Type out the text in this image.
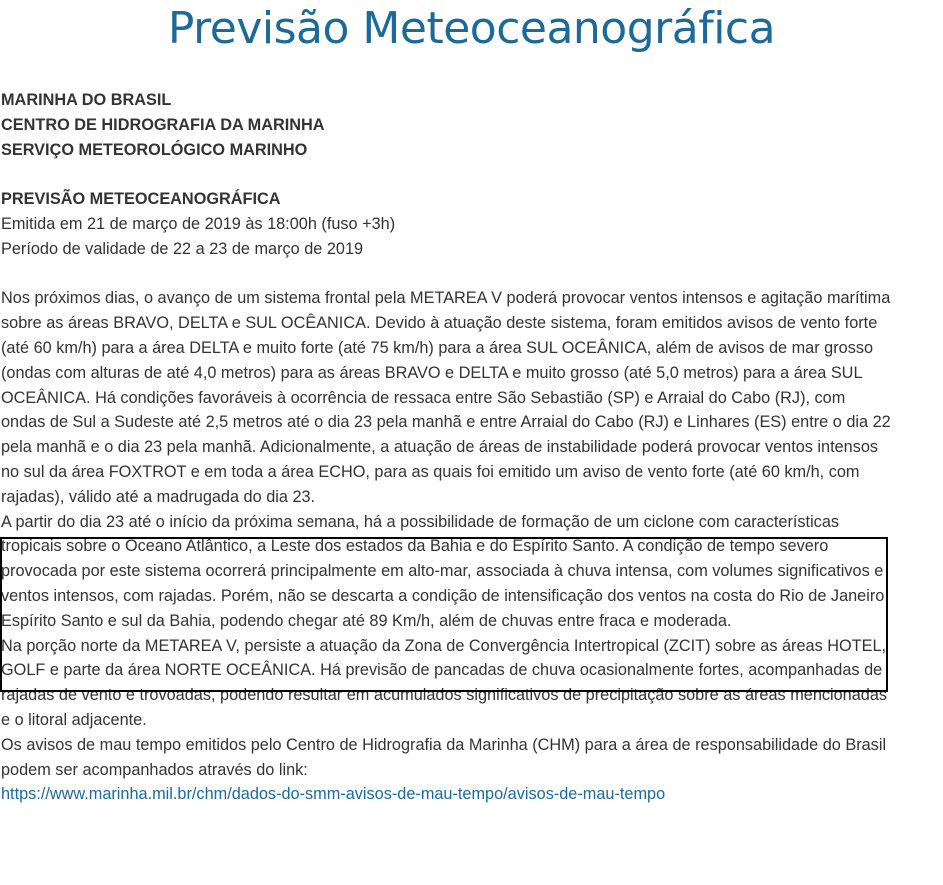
Previsão Meteoceanográfica

MARINHA DO BRASIL

CENTRO DE HIDROGRAFIA DA MARINHA

SERVIÇO METEOROLÓGICO MARINHO

PREVISÃO METEOCEANOGRÁFICA

Emitida em 21 de março de 2019 às 18:00h (fuso +3h)

Período de validade de 22 a 23 de março de 2019

Nos próximos dias, o avanço de um sistema frontal pela METAREA V poderá provocar ventos intensos e agitação marítima sobre as áreas BRAVO, DELTA e SUL OCÊANICA. Devido à atuação deste sistema, foram emitidos avisos de vento forte (até 60 km/h) para a área DELTA e muito forte (até 75 km/h) para a área SUL OCEÂNICA, além de avisos de mar grosso (ondas com alturas de até 4,0 metros) para as áreas BRAVO e DELTA e muito grosso (até 5,0 metros) para a área SUL OCEÂNICA. Há condições favoráveis à ocorrência de ressaca entre São Sebastião (SP) e Arraial do Cabo (RJ), com ondas de Sul a Sudeste até 2,5 metros até o dia 23 pela manhã e entre Arraial do Cabo (RJ) e Linhares (ES) entre o dia 22 pela manhã e o dia 23 pela manhã. Adicionalmente, a atuação de áreas de instabilidade poderá provocar ventos intensos no sul da área FOXTROT e em toda a área ECHO, para as quais foi emitido um aviso de vento forte (até 60 km/h, com rajadas), válido até a madrugada do dia 23.

A partir do dia 23 até o início da próxima semana, há a possibilidade de formação de um ciclone com características tropicais sobre o Oceano Atlântico, a Leste dos estados da Bahia e do Espírito Santo. A condição de tempo severo provocada por este sistema ocorrerá principalmente em alto-mar, associada à chuva intensa, com volumes significativos e ventos intensos, com rajadas. Porém, não se descarta a condição de intensificação dos ventos na costa do Rio de Janeiro, Espírito Santo e sul da Bahia, podendo chegar até 89 Km/h, além de chuvas entre fraca e moderada.

Na porção norte da METAREA V, persiste a atuação da Zona de Convergência Intertropical (ZCIT) sobre as áreas HOTEL, GOLF e parte da área NORTE OCEÂNICA. Há previsão de pancadas de chuva ocasionalmente fortes, acompanhadas de rajadas de vento e trovoadas, podendo resultar em acumulados significativos de precipitação sobre as áreas mencionadas e o litoral adjacente.

Os avisos de mau tempo emitidos pelo Centro de Hidrografia da Marinha (CHM) para a área de responsabilidade do Brasil podem ser acompanhados através do link:

https://www.marinha.mil.br/chm/dados-do-smm-avisos-de-mau-tempo/avisos-de-mau-tempo
